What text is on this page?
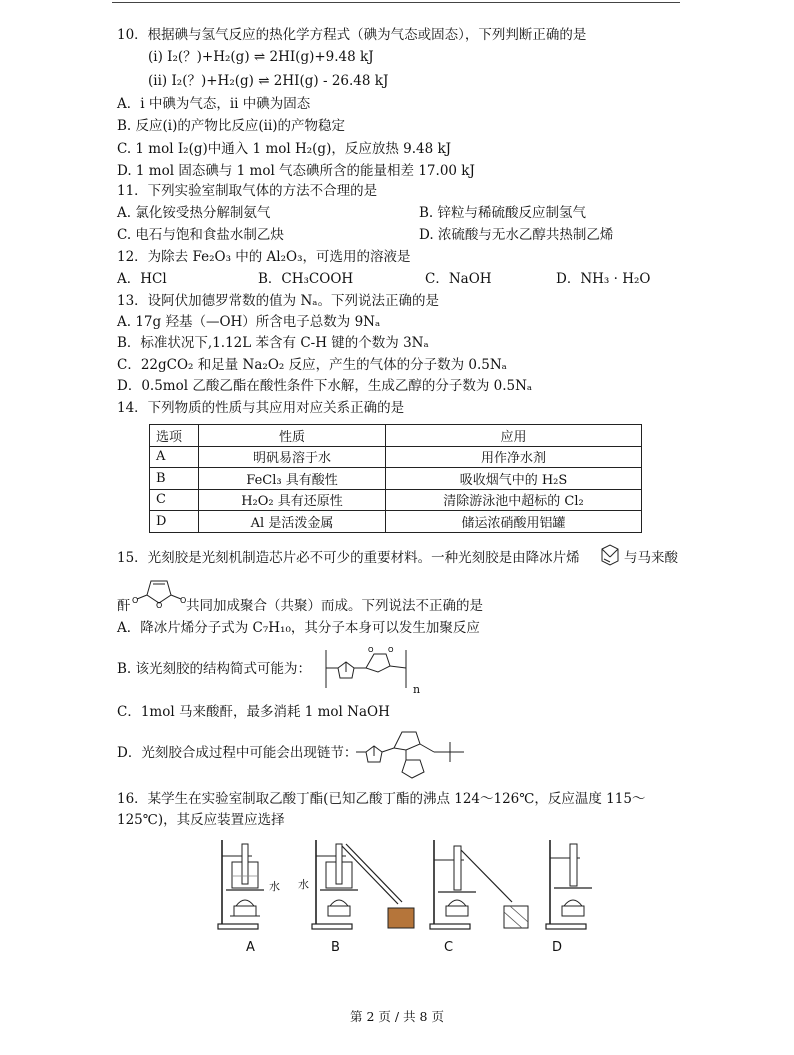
10．根据碘与氢气反应的热化学方程式（碘为气态或固态），下列判断正确的是
(i) I₂(？)+H₂(g) ⇌ 2HI(g)+9.48 kJ
(ii) I₂(？)+H₂(g) ⇌ 2HI(g) - 26.48 kJ
A．i 中碘为气态，ii 中碘为固态
B. 反应(i)的产物比反应(ii)的产物稳定
C. 1 mol I₂(g)中通入 1 mol H₂(g)，反应放热 9.48 kJ
D. 1 mol 固态碘与 1 mol 气态碘所含的能量相差 17.00 kJ
11．下列实验室制取气体的方法不合理的是
A. 氯化铵受热分解制氨气	B. 锌粒与稀硫酸反应制氢气
C. 电石与饱和食盐水制乙炔	D. 浓硫酸与无水乙醇共热制乙烯
12．为除去 Fe₂O₃ 中的 Al₂O₃，可选用的溶液是
A．HCl	B．CH₃COOH	C．NaOH	D．NH₃ · H₂O
13．设阿伏加德罗常数的值为 Nₐ。下列说法正确的是
A. 17g 羟基（—OH）所含电子总数为 9Nₐ
B．标准状况下,1.12L 苯含有 C-H 键的个数为 3Nₐ
C．22gCO₂ 和足量 Na₂O₂ 反应，产生的气体的分子数为 0.5Nₐ
D．0.5mol 乙酸乙酯在酸性条件下水解，生成乙醇的分子数为 0.5Nₐ
14．下列物质的性质与其应用对应关系正确的是
选项	性质	应用
A	明矾易溶于水	用作净水剂
B	FeCl₃ 具有酸性	吸收烟气中的 H₂S
C	H₂O₂ 具有还原性	清除游泳池中超标的 Cl₂
D	Al 是活泼金属	储运浓硝酸用铝罐
15．光刻胶是光刻机制造芯片必不可少的重要材料。一种光刻胶是由降冰片烯	与马来酸
酐 O
O
O 共同加成聚合（共聚）而成。下列说法不正确的是
A．降冰片烯分子式为 C₇H₁₀，其分子本身可以发生加聚反应
B. 该光刻胶的结构简式可能为：
O O
n
C．1mol 马来酸酐，最多消耗 1 mol NaOH
D．光刻胶合成过程中可能会出现链节：
16．某学生在实验室制取乙酸丁酯(已知乙酸丁酯的沸点 124～126℃，反应温度 115～
125℃)，其反应装置应选择
水 水
A	B	C	D
第 2 页 / 共 8 页
